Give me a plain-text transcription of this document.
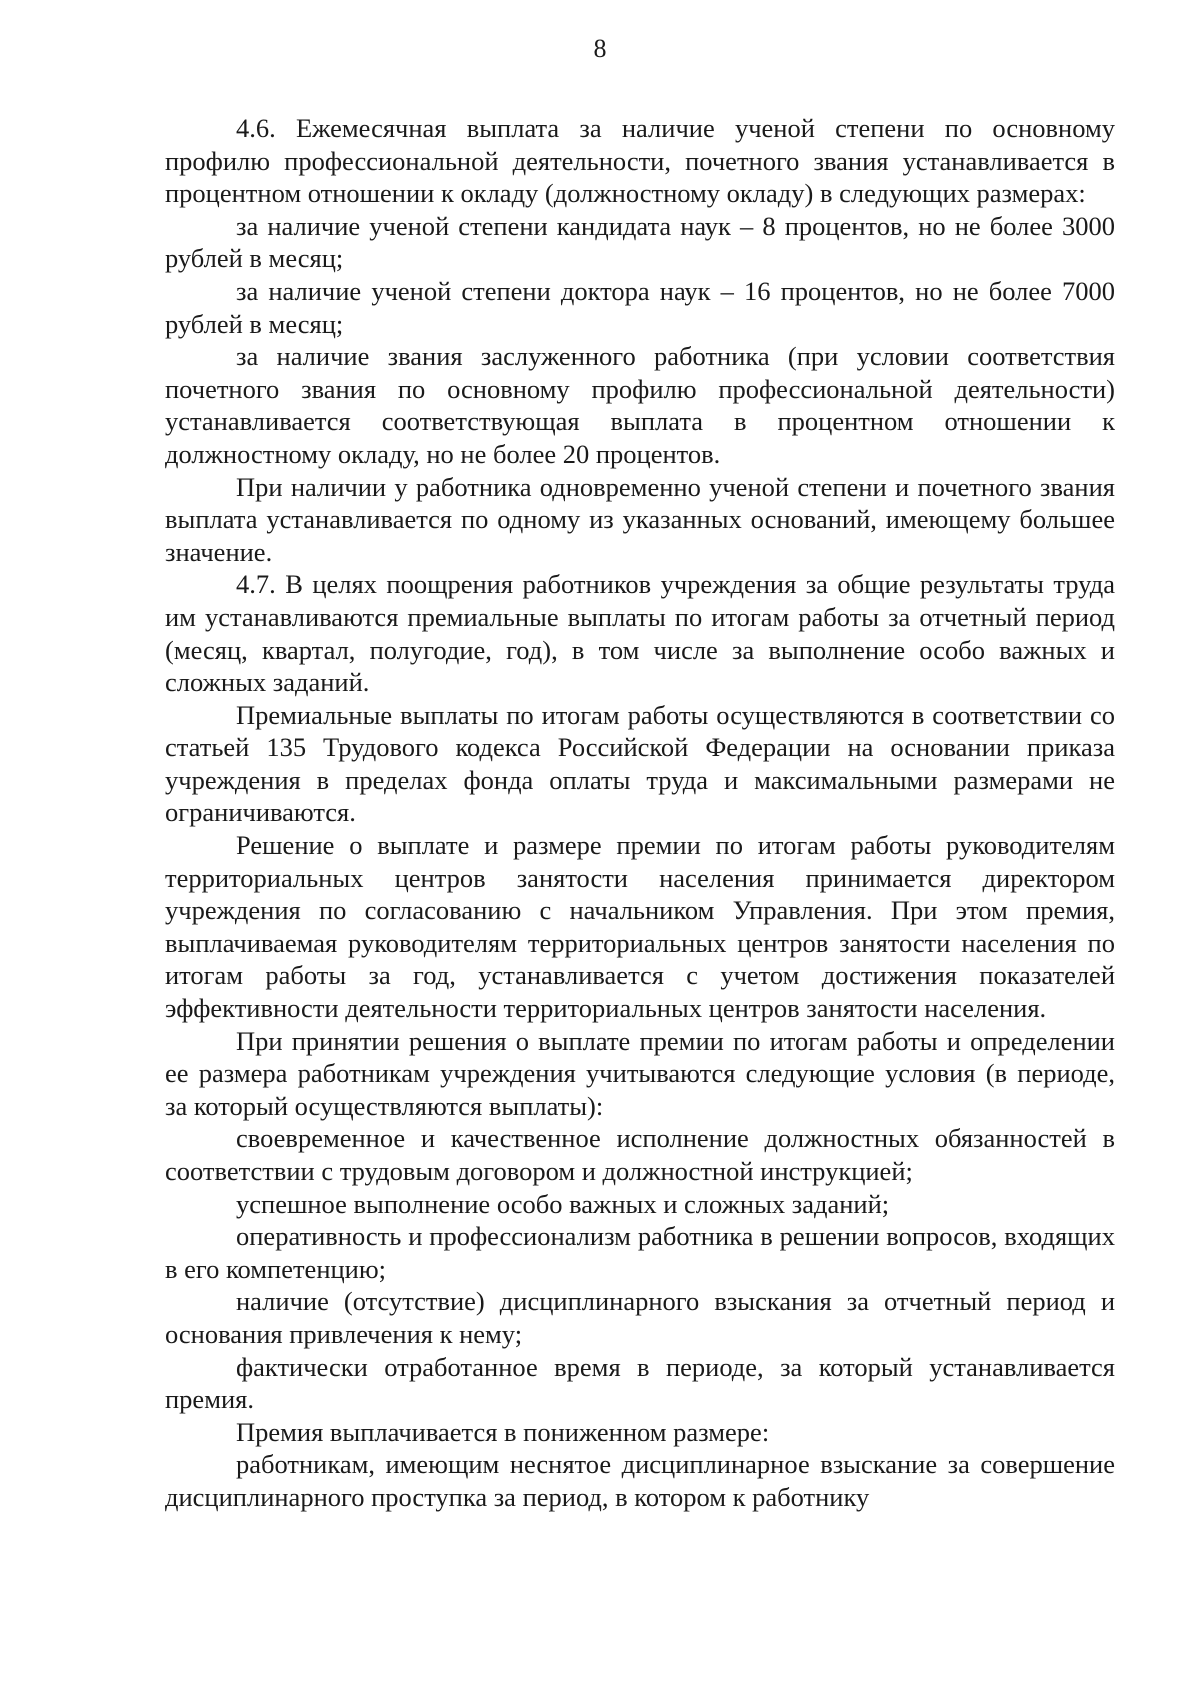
8

4.6. Ежемесячная выплата за наличие ученой степени по основному профилю профессиональной деятельности, почетного звания устанавливается в процентном отношении к окладу (должностному окладу) в следующих размерах:

за наличие ученой степени кандидата наук – 8 процентов, но не более 3000 рублей в месяц;

за наличие ученой степени доктора наук – 16 процентов, но не более 7000 рублей в месяц;

за наличие звания заслуженного работника (при условии соответствия почетного звания по основному профилю профессиональной деятельности) устанавливается соответствующая выплата в процентном отношении к должностному окладу, но не более 20 процентов.

При наличии у работника одновременно ученой степени и почетного звания выплата устанавливается по одному из указанных оснований, имеющему большее значение.

4.7. В целях поощрения работников учреждения за общие результаты труда им устанавливаются премиальные выплаты по итогам работы за отчетный период (месяц, квартал, полугодие, год), в том числе за выполнение особо важных и сложных заданий.

Премиальные выплаты по итогам работы осуществляются в соответствии со статьей 135 Трудового кодекса Российской Федерации на основании приказа учреждения в пределах фонда оплаты труда и максимальными размерами не ограничиваются.

Решение о выплате и размере премии по итогам работы руководителям территориальных центров занятости населения принимается директором учреждения по согласованию с начальником Управления. При этом премия, выплачиваемая руководителям территориальных центров занятости населения по итогам работы за год, устанавливается с учетом достижения показателей эффективности деятельности территориальных центров занятости населения.

При принятии решения о выплате премии по итогам работы и определении ее размера работникам учреждения учитываются следующие условия (в периоде, за который осуществляются выплаты):

своевременное и качественное исполнение должностных обязанностей в соответствии с трудовым договором и должностной инструкцией;

успешное выполнение особо важных и сложных заданий;

оперативность и профессионализм работника в решении вопросов, входящих в его компетенцию;

наличие (отсутствие) дисциплинарного взыскания за отчетный период и основания привлечения к нему;

фактически отработанное время в периоде, за который устанавливается премия.

Премия выплачивается в пониженном размере:

работникам, имеющим неснятое дисциплинарное взыскание за совершение дисциплинарного проступка за период, в котором к работнику
